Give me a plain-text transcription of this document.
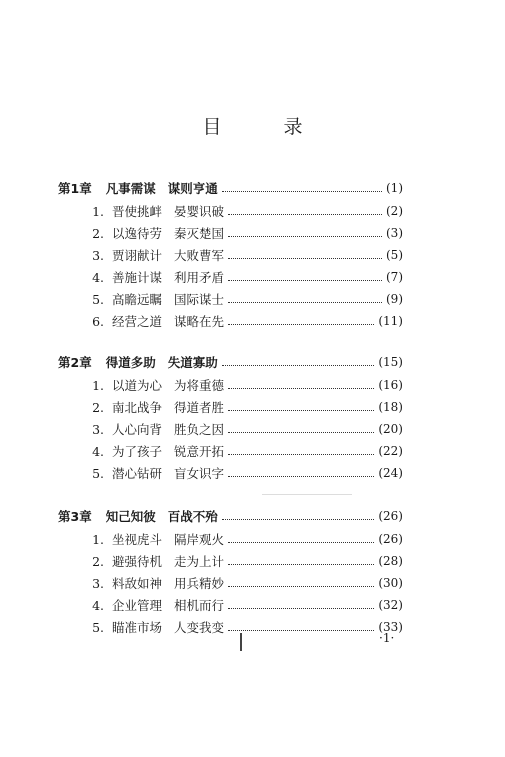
目 录
第1章 凡事需谋 谋则亨通	(1)
1. 晋使挑衅 晏婴识破	(2)
2. 以逸待劳 秦灭楚国	(3)
3. 贾诩献计 大败曹军	(5)
4. 善施计谋 利用矛盾	(7)
5. 高瞻远瞩 国际谋士	(9)
6. 经营之道 谋略在先	(11)
第2章 得道多助 失道寡助	(15)
1. 以道为心 为将重德	(16)
2. 南北战争 得道者胜	(18)
3. 人心向背 胜负之因	(20)
4. 为了孩子 锐意开拓	(22)
5. 潜心钻研 盲女识字	(24)
第3章 知己知彼 百战不殆	(26)
1. 坐视虎斗 隔岸观火	(26)
2. 避强待机 走为上计	(28)
3. 料敌如神 用兵精妙	(30)
4. 企业管理 相机而行	(32)
5. 瞄准市场 人变我变	(33)
·1·
